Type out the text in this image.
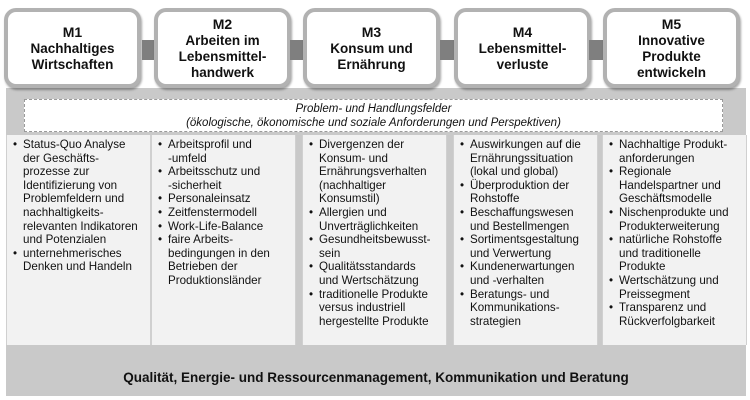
M1
Nachhaltiges
Wirtschaften
M2
Arbeiten im
Lebensmittel-
handwerk
M3
Konsum und
Ernährung
M4
Lebensmittel-
verluste
M5
Innovative
Produkte
entwickeln
Problem- und Handlungsfelder
(ökologische, ökonomische und soziale Anforderungen und Perspektiven)
• Status-Quo Analyse
der Geschäfts-
prozesse zur
Identifizierung von
Problemfeldern und
nachhaltigkeits-
relevanten Indikatoren
und Potenzialen
• unternehmerisches
Denken und Handeln
• Arbeitsprofil und
-umfeld
• Arbeitsschutz und
-sicherheit
• Personaleinsatz
• Zeitfenstermodell
• Work-Life-Balance
• faire Arbeits-
bedingungen in den
Betrieben der
Produktionsländer
• Divergenzen der
Konsum- und
Ernährungsverhalten
(nachhaltiger
Konsumstil)
• Allergien und
Unverträglichkeiten
• Gesundheitsbewusst-
sein
• Qualitätsstandards
und Wertschätzung
• traditionelle Produkte
versus industriell
hergestellte Produkte
• Auswirkungen auf die
Ernährungssituation
(lokal und global)
• Überproduktion der
Rohstoffe
• Beschaffungswesen
und Bestellmengen
• Sortimentsgestaltung
und Verwertung
• Kundenerwartungen
und -verhalten
• Beratungs- und
Kommunikations-
strategien
• Nachhaltige Produkt-
anforderungen
• Regionale
Handelspartner und
Geschäftsmodelle
• Nischenprodukte und
Produkterweiterung
• natürliche Rohstoffe
und traditionelle
Produkte
• Wertschätzung und
Preissegment
• Transparenz und
Rückverfolgbarkeit
Qualität, Energie- und Ressourcenmanagement, Kommunikation und Beratung
